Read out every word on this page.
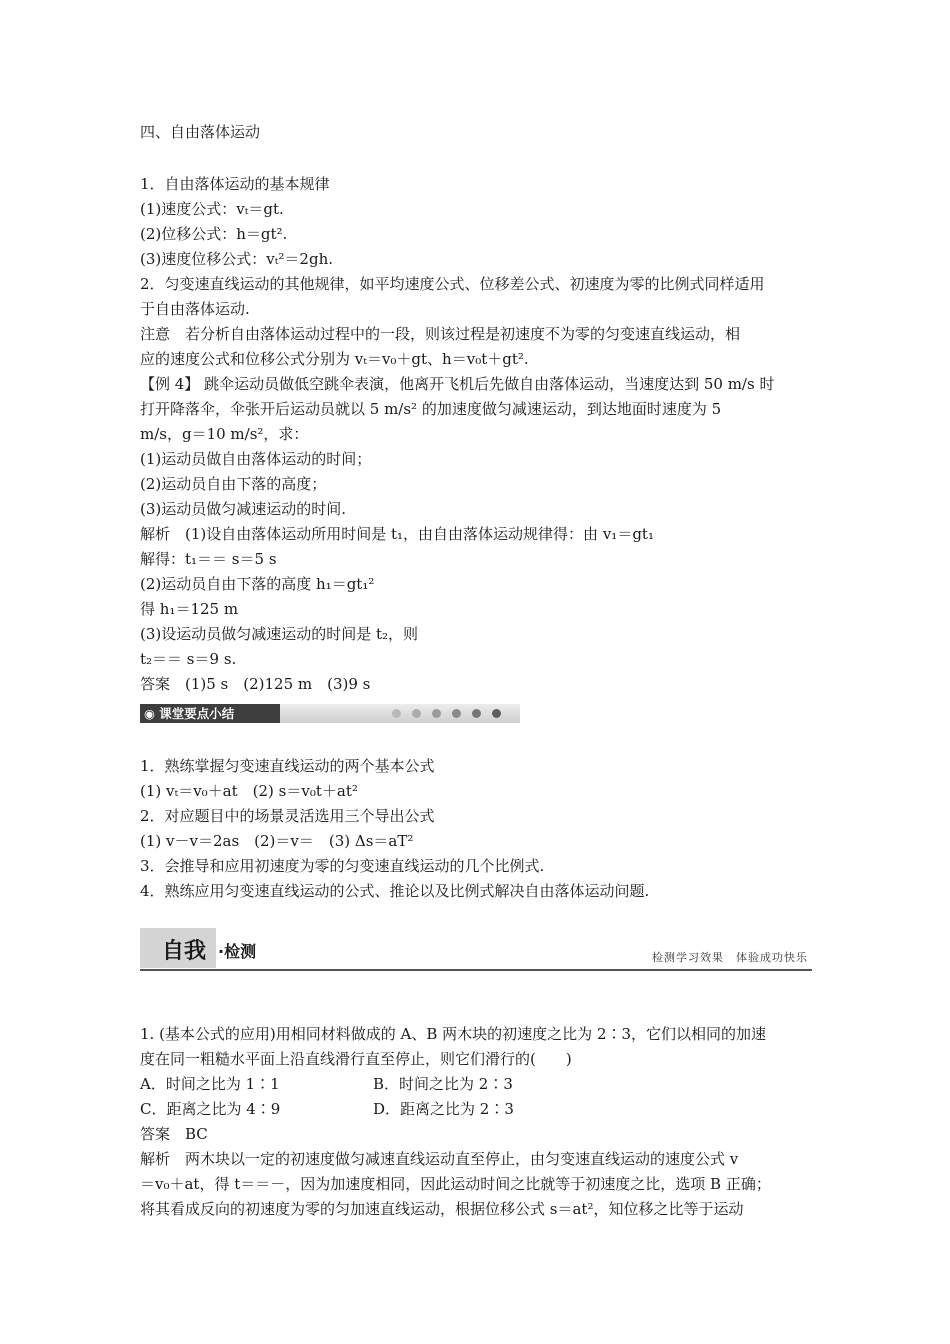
四、自由落体运动
1．自由落体运动的基本规律
(1)速度公式：vₜ＝gt.
(2)位移公式：h＝gt².
(3)速度位移公式：vₜ²＝2gh.
2．匀变速直线运动的其他规律，如平均速度公式、位移差公式、初速度为零的比例式同样适用
于自由落体运动.
注意　若分析自由落体运动过程中的一段，则该过程是初速度不为零的匀变速直线运动，相
应的速度公式和位移公式分别为 vₜ＝v₀＋gt、h＝v₀t＋gt².
【例 4】 跳伞运动员做低空跳伞表演，他离开飞机后先做自由落体运动，当速度达到 50 m/s 时
打开降落伞，伞张开后运动员就以 5 m/s² 的加速度做匀减速运动，到达地面时速度为 5
m/s，g＝10 m/s²，求：
(1)运动员做自由落体运动的时间；
(2)运动员自由下落的高度；
(3)运动员做匀减速运动的时间.
解析　(1)设自由落体运动所用时间是 t₁，由自由落体运动规律得：由 v₁＝gt₁
解得：t₁＝＝ s＝5 s
(2)运动员自由下落的高度 h₁＝gt₁²
得 h₁＝125 m
(3)设运动员做匀减速运动的时间是 t₂，则
t₂＝＝ s＝9 s.
答案　(1)5 s　(2)125 m　(3)9 s
◉ 课堂要点小结
1．熟练掌握匀变速直线运动的两个基本公式
(1) vₜ＝v₀＋at　(2) s＝v₀t＋at²
2．对应题目中的场景灵活选用三个导出公式
(1) v－v＝2as　(2)＝v＝　(3) Δs＝aT²
3．会推导和应用初速度为零的匀变速直线运动的几个比例式.
4．熟练应用匀变速直线运动的公式、推论以及比例式解决自由落体运动问题.
自我 ·检测	检测学习效果　体验成功快乐
1. (基本公式的应用)用相同材料做成的 A、B 两木块的初速度之比为 2∶3，它们以相同的加速
度在同一粗糙水平面上沿直线滑行直至停止，则它们滑行的(　　)
A．时间之比为 1∶1	B．时间之比为 2∶3
C．距离之比为 4∶9	D．距离之比为 2∶3
答案　BC
解析　两木块以一定的初速度做匀减速直线运动直至停止，由匀变速直线运动的速度公式 v
＝v₀＋at，得 t＝＝－，因为加速度相同，因此运动时间之比就等于初速度之比，选项 B 正确；
将其看成反向的初速度为零的匀加速直线运动，根据位移公式 s＝at²，知位移之比等于运动
